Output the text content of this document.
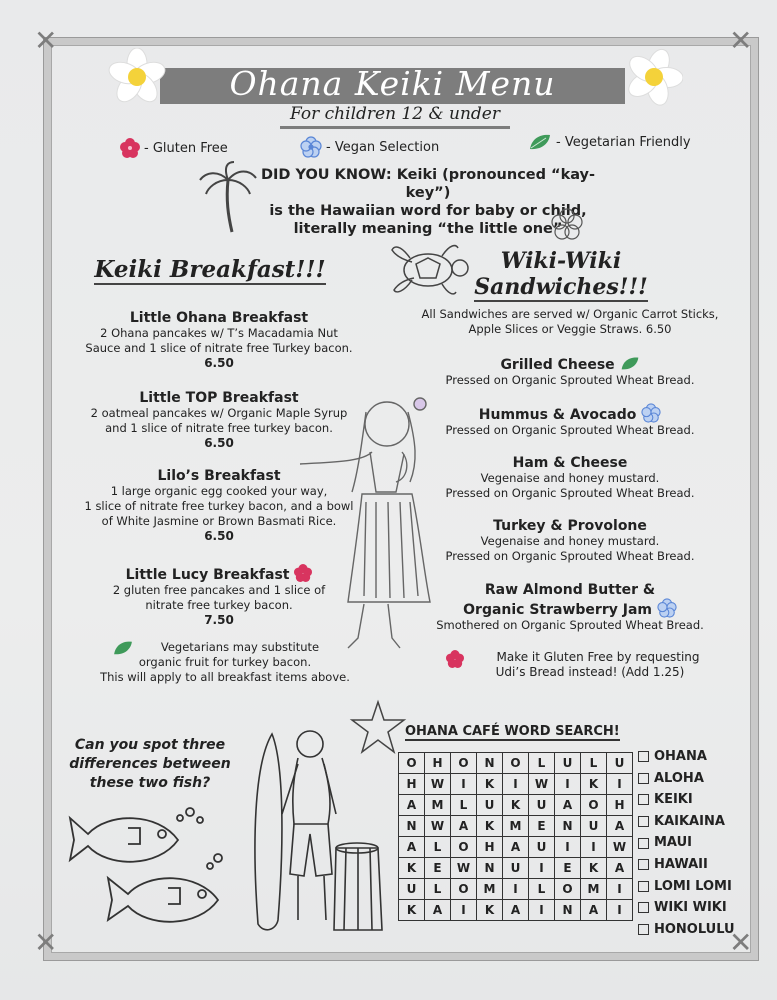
✕	✕
✕	✕
Ohana Keiki Menu
For children 12 & under
- Gluten Free	- Vegan Selection	- Vegetarian Friendly
DID YOU KNOW: Keiki (pronounced “kay-key”)
is the Hawaiian word for baby or child,
literally meaning “the little one”
Keiki Breakfast!!!
Little Ohana Breakfast
2 Ohana pancakes w/ T’s Macadamia Nut
Sauce and 1 slice of nitrate free Turkey bacon.
6.50
Little TOP Breakfast
2 oatmeal pancakes w/ Organic Maple Syrup
and 1 slice of nitrate free turkey bacon.
6.50
Lilo’s Breakfast
1 large organic egg cooked your way,
1 slice of nitrate free turkey bacon, and a bowl
of White Jasmine or Brown Basmati Rice.
6.50
Little Lucy Breakfast
2 gluten free pancakes and 1 slice of
nitrate free turkey bacon.
7.50
Vegetarians may substitute
organic fruit for turkey bacon.
This will apply to all breakfast items above.
Wiki-Wiki
Sandwiches!!!
All Sandwiches are served w/ Organic Carrot Sticks,
Apple Slices or Veggie Straws. 6.50
Grilled Cheese
Pressed on Organic Sprouted Wheat Bread.
Hummus & Avocado
Pressed on Organic Sprouted Wheat Bread.
Ham & Cheese
Vegenaise and honey mustard.
Pressed on Organic Sprouted Wheat Bread.
Turkey & Provolone
Vegenaise and honey mustard.
Pressed on Organic Sprouted Wheat Bread.
Raw Almond Butter &
Organic Strawberry Jam
Smothered on Organic Sprouted Wheat Bread.
Make it Gluten Free by requesting
Udi’s Bread instead! (Add 1.25)
Can you spot three
differences between
these two fish?
OHANA CAFÉ WORD SEARCH!
O	H	O	N	O	L	U	L	U
H	W	I	K	I	W	I	K	I
A	M	L	U	K	U	A	O	H
N	W	A	K	M	E	N	U	A
A	L	O	H	A	U	I	I	W
K	E	W	N	U	I	E	K	A
U	L	O	M	I	L	O	M	I
K	A	I	K	A	I	N	A	I
OHANA
ALOHA
KEIKI
KAIKAINA
MAUI
HAWAII
LOMI LOMI
WIKI WIKI
HONOLULU
